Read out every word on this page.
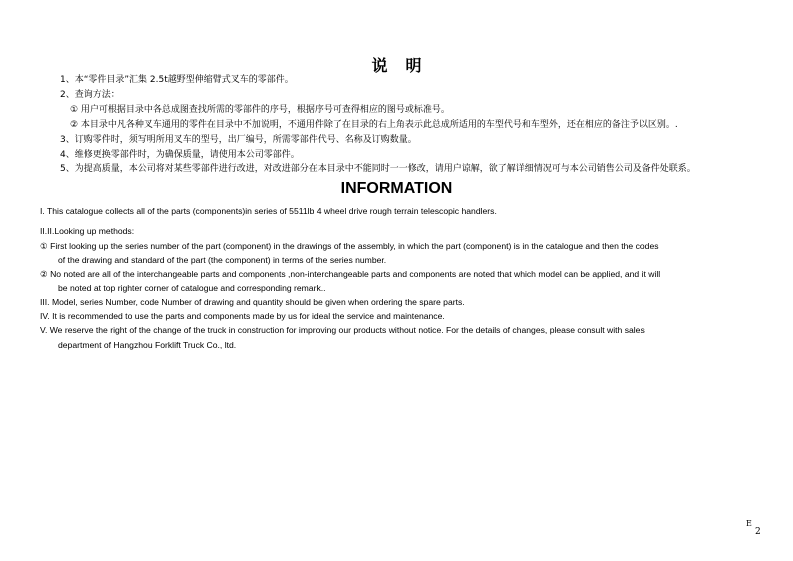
说明
1、本“零件目录”汇集 2.5t越野型伸缩臂式叉车的零部件。
2、查询方法：
① 用户可根据目录中各总成图查找所需的零部件的序号，根据序号可查得相应的图号或标准号。
② 本目录中凡各种叉车通用的零件在目录中不加说明，不通用件除了在目录的右上角表示此总成所适用的车型代号和车型外，还在相应的备注予以区别。.
3、订购零件时，须写明所用叉车的型号，出厂编号，所需零部件代号、名称及订购数量。
4、维修更换零部件时，为确保质量，请使用本公司零部件。
5、为提高质量，本公司将对某些零部件进行改进，对改进部分在本目录中不能同时一一修改，请用户谅解，欲了解详细情况可与本公司销售公司及备件处联系。
INFORMATION
I. This catalogue collects all of the parts (components)in series of 5511lb 4 wheel drive rough terrain telescopic handlers.
II.II.Looking up methods:
① First looking up the series number of the part (component) in the drawings of the assembly, in which the part (component) is in the catalogue and then the codes
of the drawing and standard of the part (the component) in terms of the series number.
② No noted are all of the interchangeable parts and components ,non-interchangeable parts and components are noted that which model can be applied, and it will
be noted at top righter corner of catalogue and corresponding remark..
III. Model, series Number, code Number of drawing and quantity should be given when ordering the spare parts.
IV. It is recommended to use the parts and components made by us for ideal the service and maintenance.
V. We reserve the right of the change of the truck in construction for improving our products without notice. For the details of changes, please consult with sales
department of Hangzhou Forklift Truck Co., ltd.
E
2
